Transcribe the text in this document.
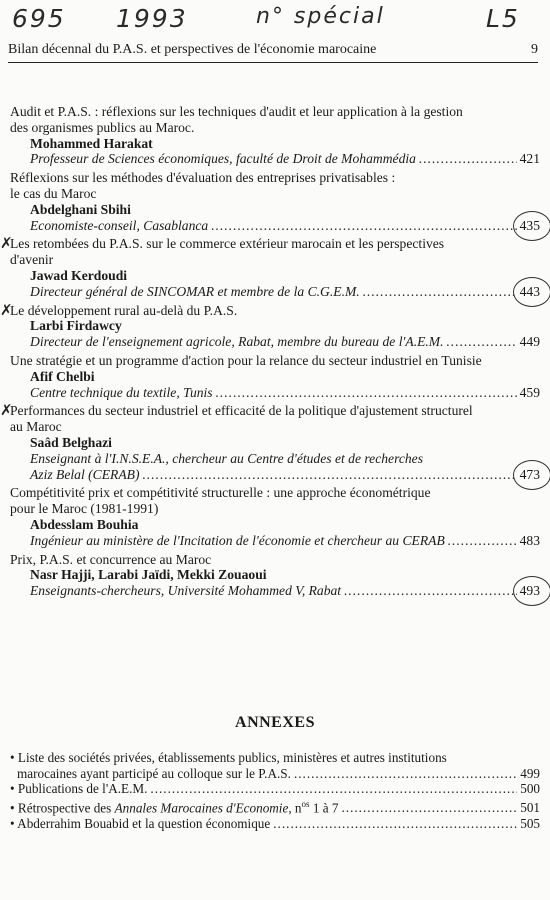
695

1993

	n° spécial

	L5

Bilan décennal du P.A.S. et perspectives de l'économie marocaine	9
Audit et P.A.S. : réflexions sur les techniques d'audit et leur application à la gestion
des organismes publics au Maroc.
Mohammed Harakat
Professeur de Sciences économiques, faculté de Droit de Mohammédia .....	421
Réflexions sur les méthodes d'évaluation des entreprises privatisables :
le cas du Maroc
Abdelghani Sbihi
Economiste-conseil, Casablanca .....	435
✗
Les retombées du P.A.S. sur le commerce extérieur marocain et les perspectives
d'avenir
Jawad Kerdoudi
Directeur général de SINCOMAR et membre de la C.G.E.M. .....	443
✗
Le développement rural au-delà du P.A.S.
Larbi Firdawcy
Directeur de l'enseignement agricole, Rabat, membre du bureau de l'A.E.M. .....	449
Une stratégie et un programme d'action pour la relance du secteur industriel en Tunisie
Afif Chelbi
Centre technique du textile, Tunis .....	459
✗
Performances du secteur industriel et efficacité de la politique d'ajustement structurel
au Maroc
Saâd Belghazi
Enseignant à l'I.N.S.E.A., chercheur au Centre d'études et de recherches
Aziz Belal (CERAB) .....	473
Compétitivité prix et compétitivité structurelle : une approche économétrique
pour le Maroc (1981-1991)
Abdesslam Bouhia
Ingénieur au ministère de l'Incitation de l'économie et chercheur au CERAB .....	483
Prix, P.A.S. et concurrence au Maroc
Nasr Hajji, Larabi Jaïdi, Mekki Zouaoui
Enseignants-chercheurs, Université Mohammed V, Rabat .....	493
ANNEXES
• Liste des sociétés privées, établissements publics, ministères et autres institutions
marocaines ayant participé au colloque sur le P.A.S. .....	499
• Publications de l'A.E.M. .....	500
• Rétrospective des Annales Marocaines d'Economie, $n^{os}$ 1 à 7 .....	501
• Abderrahim Bouabid et la question économique .....	505
